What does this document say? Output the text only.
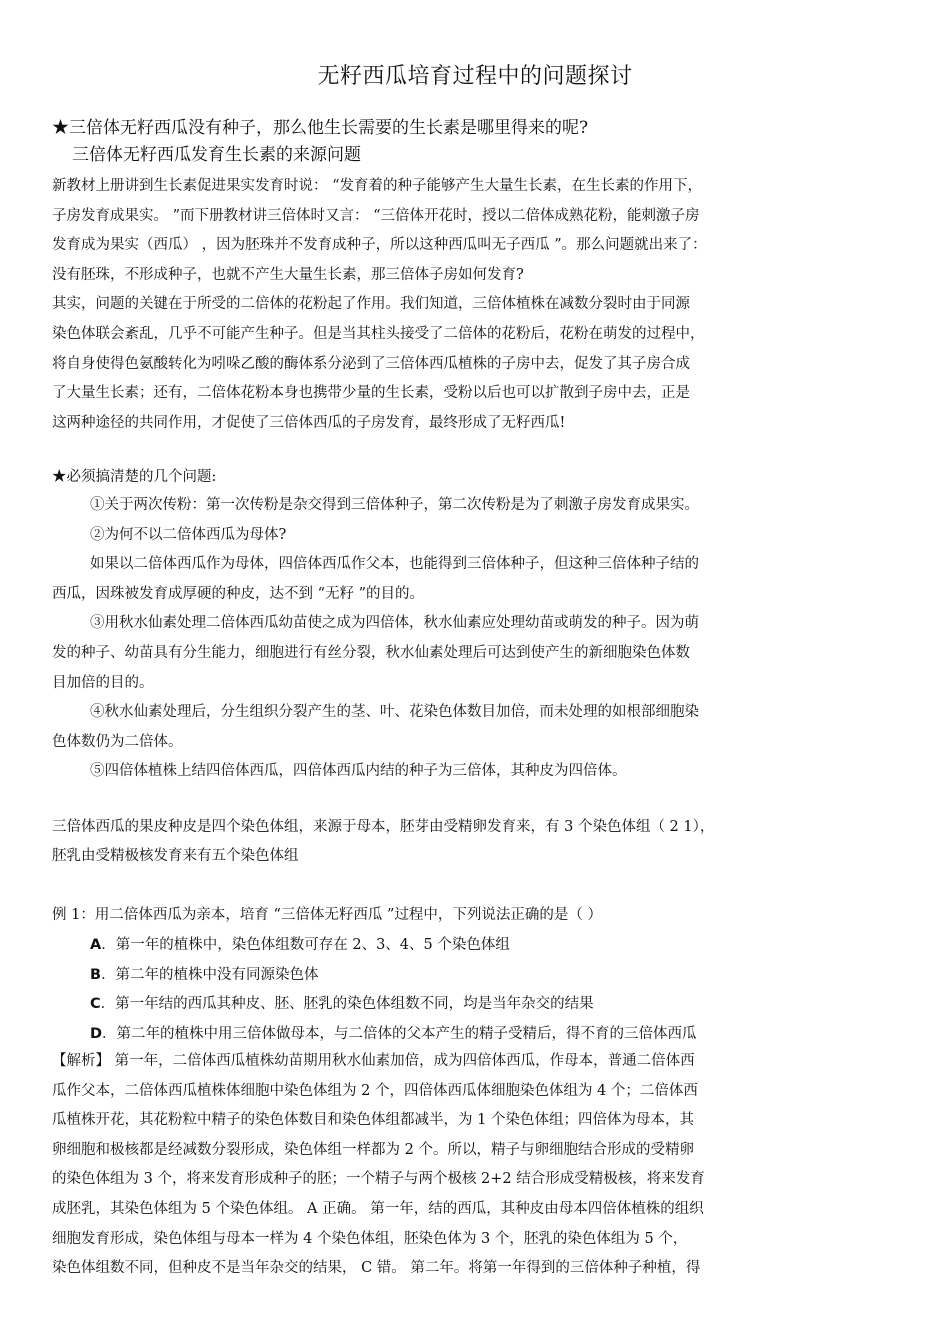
无籽西瓜培育过程中的问题探讨
★三倍体无籽西瓜没有种子，那么他生长需要的生长素是哪里得来的呢?
三倍体无籽西瓜发育生长素的来源问题
新教材上册讲到生长素促进果实发育时说： “发育着的种子能够产生大量生长素，在生长素的作用下，
子房发育成果实。 ”而下册教材讲三倍体时又言： “三倍体开花时，授以二倍体成熟花粉，能刺激子房
发育成为果实（西瓜） ，因为胚珠并不发育成种子，所以这种西瓜叫无子西瓜 ”。那么问题就出来了：
没有胚珠，不形成种子，也就不产生大量生长素，那三倍体子房如何发育?
其实，问题的关键在于所受的二倍体的花粉起了作用。我们知道，三倍体植株在减数分裂时由于同源
染色体联会紊乱，几乎不可能产生种子。但是当其柱头接受了二倍体的花粉后，花粉在萌发的过程中，
将自身使得色氨酸转化为吲哚乙酸的酶体系分泌到了三倍体西瓜植株的子房中去，促发了其子房合成
了大量生长素；还有，二倍体花粉本身也携带少量的生长素，受粉以后也可以扩散到子房中去，正是
这两种途径的共同作用，才促使了三倍体西瓜的子房发育，最终形成了无籽西瓜!
★必须搞清楚的几个问题:
①关于两次传粉：第一次传粉是杂交得到三倍体种子，第二次传粉是为了刺激子房发育成果实。
②为何不以二倍体西瓜为母体?
如果以二倍体西瓜作为母体，四倍体西瓜作父本，也能得到三倍体种子，但这种三倍体种子结的
西瓜，因珠被发育成厚硬的种皮，达不到 “无籽 ”的目的。
③用秋水仙素处理二倍体西瓜幼苗使之成为四倍体，秋水仙素应处理幼苗或萌发的种子。因为萌
发的种子、幼苗具有分生能力，细胞进行有丝分裂，秋水仙素处理后可达到使产生的新细胞染色体数
目加倍的目的。
④秋水仙素处理后，分生组织分裂产生的茎、叶、花染色体数目加倍，而未处理的如根部细胞染
色体数仍为二倍体。
⑤四倍体植株上结四倍体西瓜，四倍体西瓜内结的种子为三倍体，其种皮为四倍体。
三倍体西瓜的果皮种皮是四个染色体组，来源于母本，胚芽由受精卵发育来，有 3 个染色体组（ 2 1），
胚乳由受精极核发育来有五个染色体组
例 1：用二倍体西瓜为亲本，培育 “三倍体无籽西瓜 ”过程中，下列说法正确的是（ ）
A．第一年的植株中，染色体组数可存在 2、3、4、5 个染色体组
B．第二年的植株中没有同源染色体
C．第一年结的西瓜其种皮、胚、胚乳的染色体组数不同，均是当年杂交的结果
D．第二年的植株中用三倍体做母本，与二倍体的父本产生的精子受精后，得不育的三倍体西瓜
【解析】 第一年，二倍体西瓜植株幼苗期用秋水仙素加倍，成为四倍体西瓜，作母本，普通二倍体西
瓜作父本，二倍体西瓜植株体细胞中染色体组为 2 个，四倍体西瓜体细胞染色体组为 4 个；二倍体西
瓜植株开花，其花粉粒中精子的染色体数目和染色体组都减半，为 1 个染色体组；四倍体为母本，其
卵细胞和极核都是经减数分裂形成，染色体组一样都为 2 个。所以，精子与卵细胞结合形成的受精卵
的染色体组为 3 个，将来发育形成种子的胚；一个精子与两个极核 2+2 结合形成受精极核，将来发育
成胚乳，其染色体组为 5 个染色体组。 A 正确。 第一年，结的西瓜，其种皮由母本四倍体植株的组织
细胞发育形成，染色体组与母本一样为 4 个染色体组，胚染色体为 3 个，胚乳的染色体组为 5 个，
染色体组数不同，但种皮不是当年杂交的结果， C 错。 第二年。将第一年得到的三倍体种子种植，得
